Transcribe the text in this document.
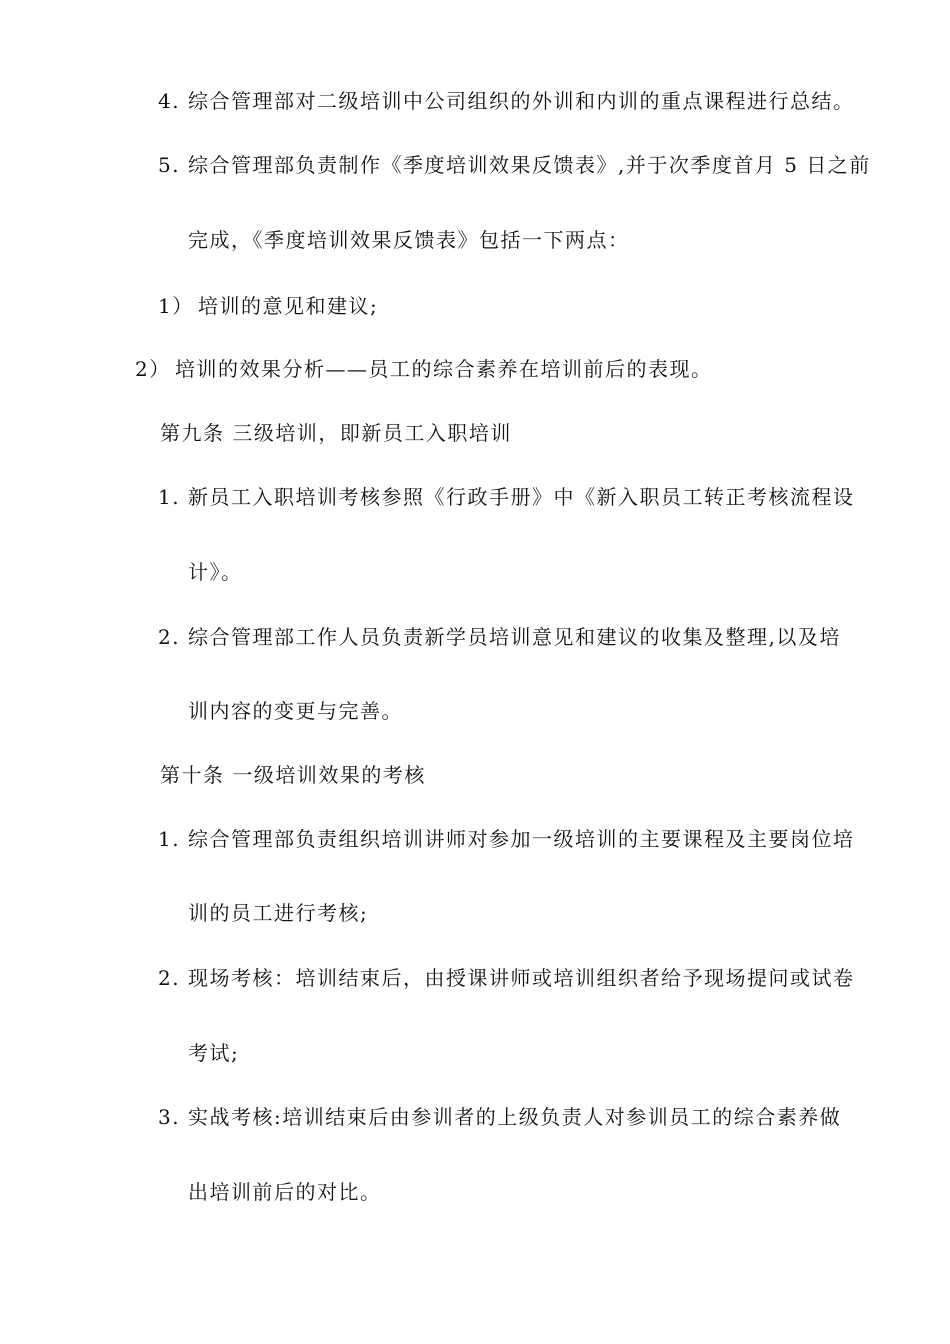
4. 综合管理部对二级培训中公司组织的外训和内训的重点课程进行总结。
5. 综合管理部负责制作《季度培训效果反馈表》,并于次季度首月 5 日之前
完成，《季度培训效果反馈表》包括一下两点：
1） 培训的意见和建议;
2） 培训的效果分析——员工的综合素养在培训前后的表现。
第九条 三级培训，即新员工入职培训
1. 新员工入职培训考核参照《行政手册》中《新入职员工转正考核流程设
计》。
2. 综合管理部工作人员负责新学员培训意见和建议的收集及整理,以及培
训内容的变更与完善。
第十条 一级培训效果的考核
1. 综合管理部负责组织培训讲师对参加一级培训的主要课程及主要岗位培
训的员工进行考核;
2. 现场考核：培训结束后，由授课讲师或培训组织者给予现场提问或试卷
考试;
3. 实战考核:培训结束后由参训者的上级负责人对参训员工的综合素养做
出培训前后的对比。
